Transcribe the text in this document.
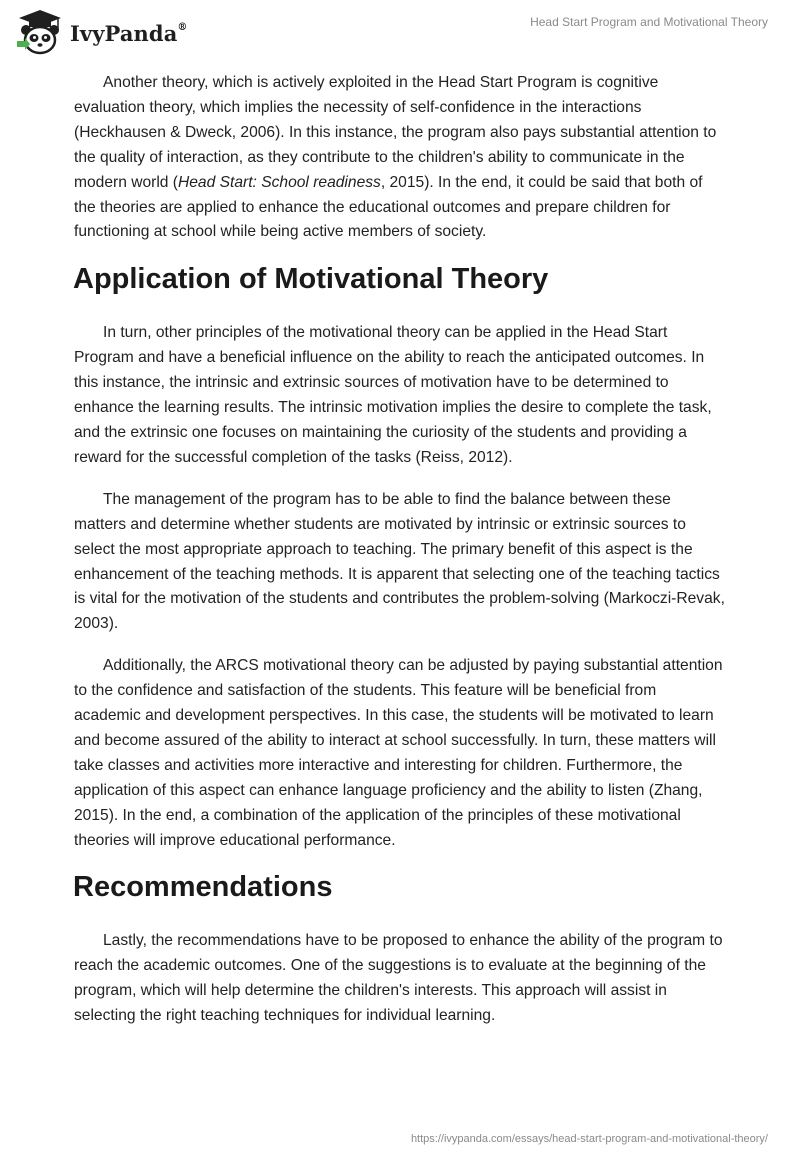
IvyPanda®	Head Start Program and Motivational Theory

Another theory, which is actively exploited in the Head Start Program is cognitive evaluation theory, which implies the necessity of self-confidence in the interactions (Heckhausen & Dweck, 2006). In this instance, the program also pays substantial attention to the quality of interaction, as they contribute to the children's ability to communicate in the modern world (Head Start: School readiness, 2015). In the end, it could be said that both of the theories are applied to enhance the educational outcomes and prepare children for functioning at school while being active members of society.

Application of Motivational Theory

In turn, other principles of the motivational theory can be applied in the Head Start Program and have a beneficial influence on the ability to reach the anticipated outcomes. In this instance, the intrinsic and extrinsic sources of motivation have to be determined to enhance the learning results. The intrinsic motivation implies the desire to complete the task, and the extrinsic one focuses on maintaining the curiosity of the students and providing a reward for the successful completion of the tasks (Reiss, 2012).

The management of the program has to be able to find the balance between these matters and determine whether students are motivated by intrinsic or extrinsic sources to select the most appropriate approach to teaching. The primary benefit of this aspect is the enhancement of the teaching methods. It is apparent that selecting one of the teaching tactics is vital for the motivation of the students and contributes the problem-solving (Markoczi-Revak, 2003).

Additionally, the ARCS motivational theory can be adjusted by paying substantial attention to the confidence and satisfaction of the students. This feature will be beneficial from academic and development perspectives. In this case, the students will be motivated to learn and become assured of the ability to interact at school successfully. In turn, these matters will take classes and activities more interactive and interesting for children. Furthermore, the application of this aspect can enhance language proficiency and the ability to listen (Zhang, 2015). In the end, a combination of the application of the principles of these motivational theories will improve educational performance.

Recommendations

Lastly, the recommendations have to be proposed to enhance the ability of the program to reach the academic outcomes. One of the suggestions is to evaluate at the beginning of the program, which will help determine the children's interests. This approach will assist in selecting the right teaching techniques for individual learning.

https://ivypanda.com/essays/head-start-program-and-motivational-theory/
